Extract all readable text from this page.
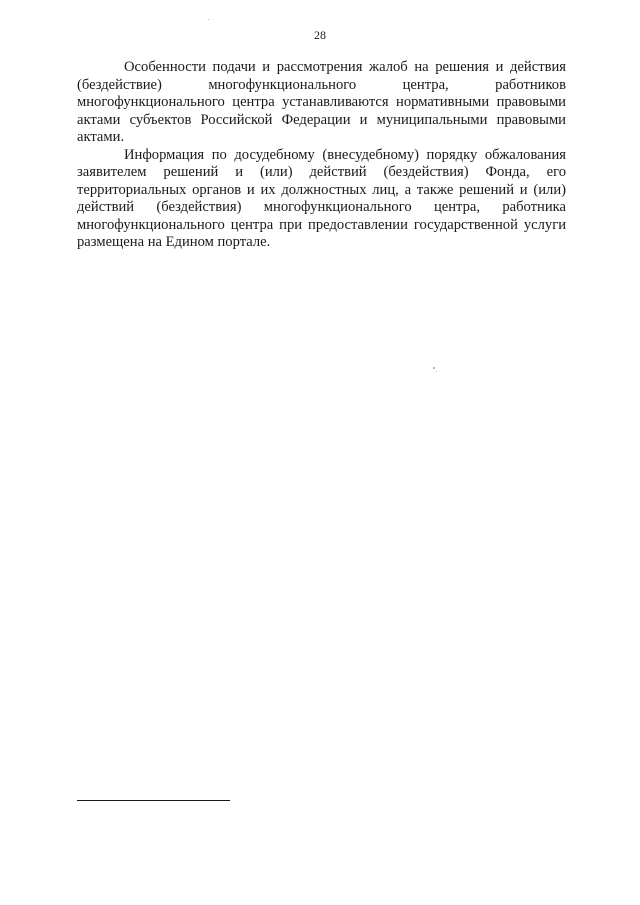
28

Особенности подачи и рассмотрения жалоб на решения и действия (бездействие) многофункционального центра, работников многофункционального центра устанавливаются нормативными правовыми актами субъектов Российской Федерации и муниципальными правовыми актами.

Информация по досудебному (внесудебному) порядку обжалования заявителем решений и (или) действий (бездействия) Фонда, его территориальных органов и их должностных лиц, а также решений и (или) действий (бездействия) многофункционального центра, работника многофункционального центра при предоставлении государственной услуги размещена на Едином портале.
